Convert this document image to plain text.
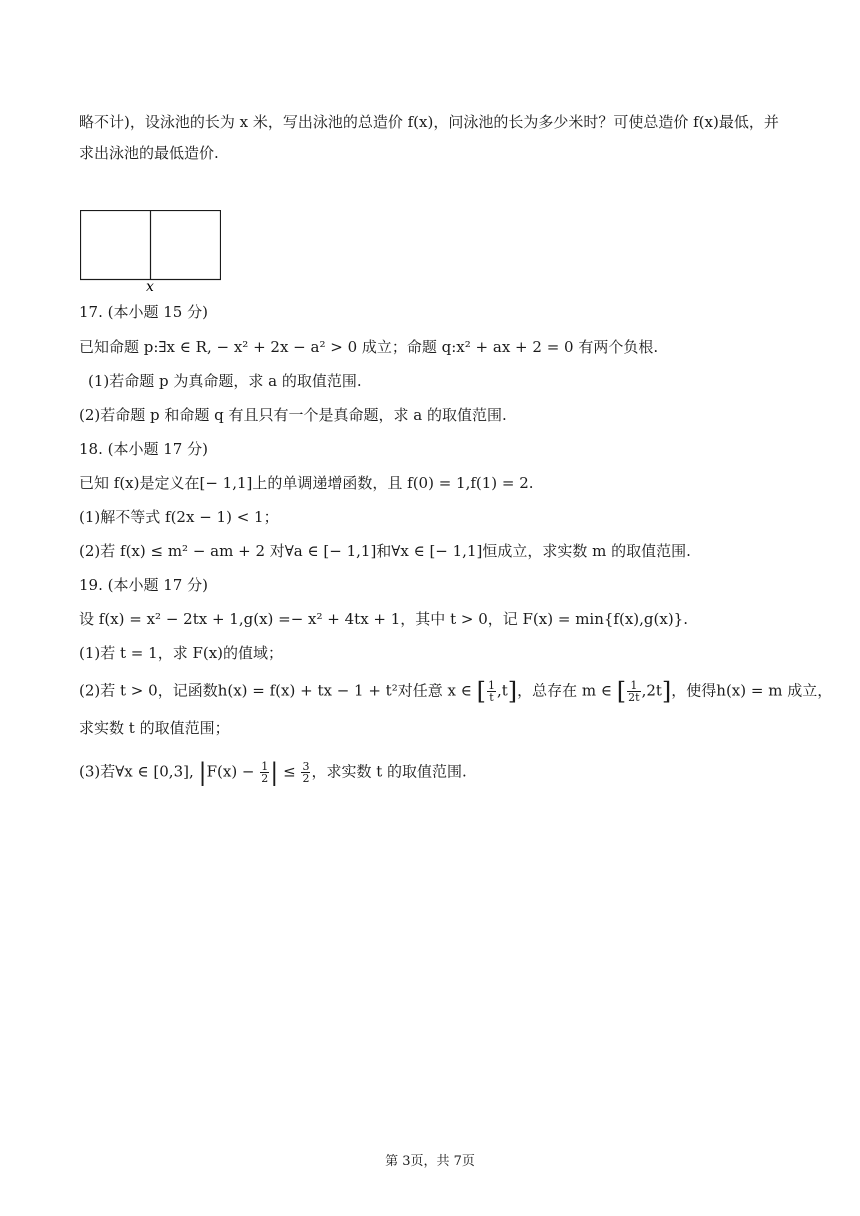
略不计)，设泳池的长为 x 米，写出泳池的总造价 f(x)，问泳池的长为多少米时？可使总造价 f(x)最低，并
求出泳池的最低造价.
x
17. (本小题 15 分)
已知命题 p:∃x ∈ R, − x² + 2x − a² > 0 成立；命题 q:x² + ax + 2 = 0 有两个负根.
(1)若命题 p 为真命题，求 a 的取值范围.
(2)若命题 p 和命题 q 有且只有一个是真命题，求 a 的取值范围.
18. (本小题 17 分)
已知 f(x)是定义在[− 1,1]上的单调递增函数，且 f(0) = 1,f(1) = 2.
(1)解不等式 f(2x − 1) < 1；
(2)若 f(x) ≤ m² − am + 2 对∀a ∈ [− 1,1]和∀x ∈ [− 1,1]恒成立，求实数 m 的取值范围.
19. (本小题 17 分)
设 f(x) = x² − 2tx + 1,g(x) =− x² + 4tx + 1，其中 t > 0，记 F(x) = min{f(x),g(x)}.
(1)若 t = 1，求 F(x)的值域；
(2)若 t > 0，记函数h(x) = f(x) + tx − 1 + t²对任意 x ∈ [ $\frac{1}{t} ,t$]，总存在 m ∈ [ $\frac{1}{2t} ,2t$]，使得h(x) = m 成立，
求实数 t 的取值范围；
(3)若∀x ∈ [0,3], $|F(x) - \frac{1}{2}$ | ≤ $\frac{3}{2}$ ，求实数 t 的取值范围.
第 3页，共 7页
